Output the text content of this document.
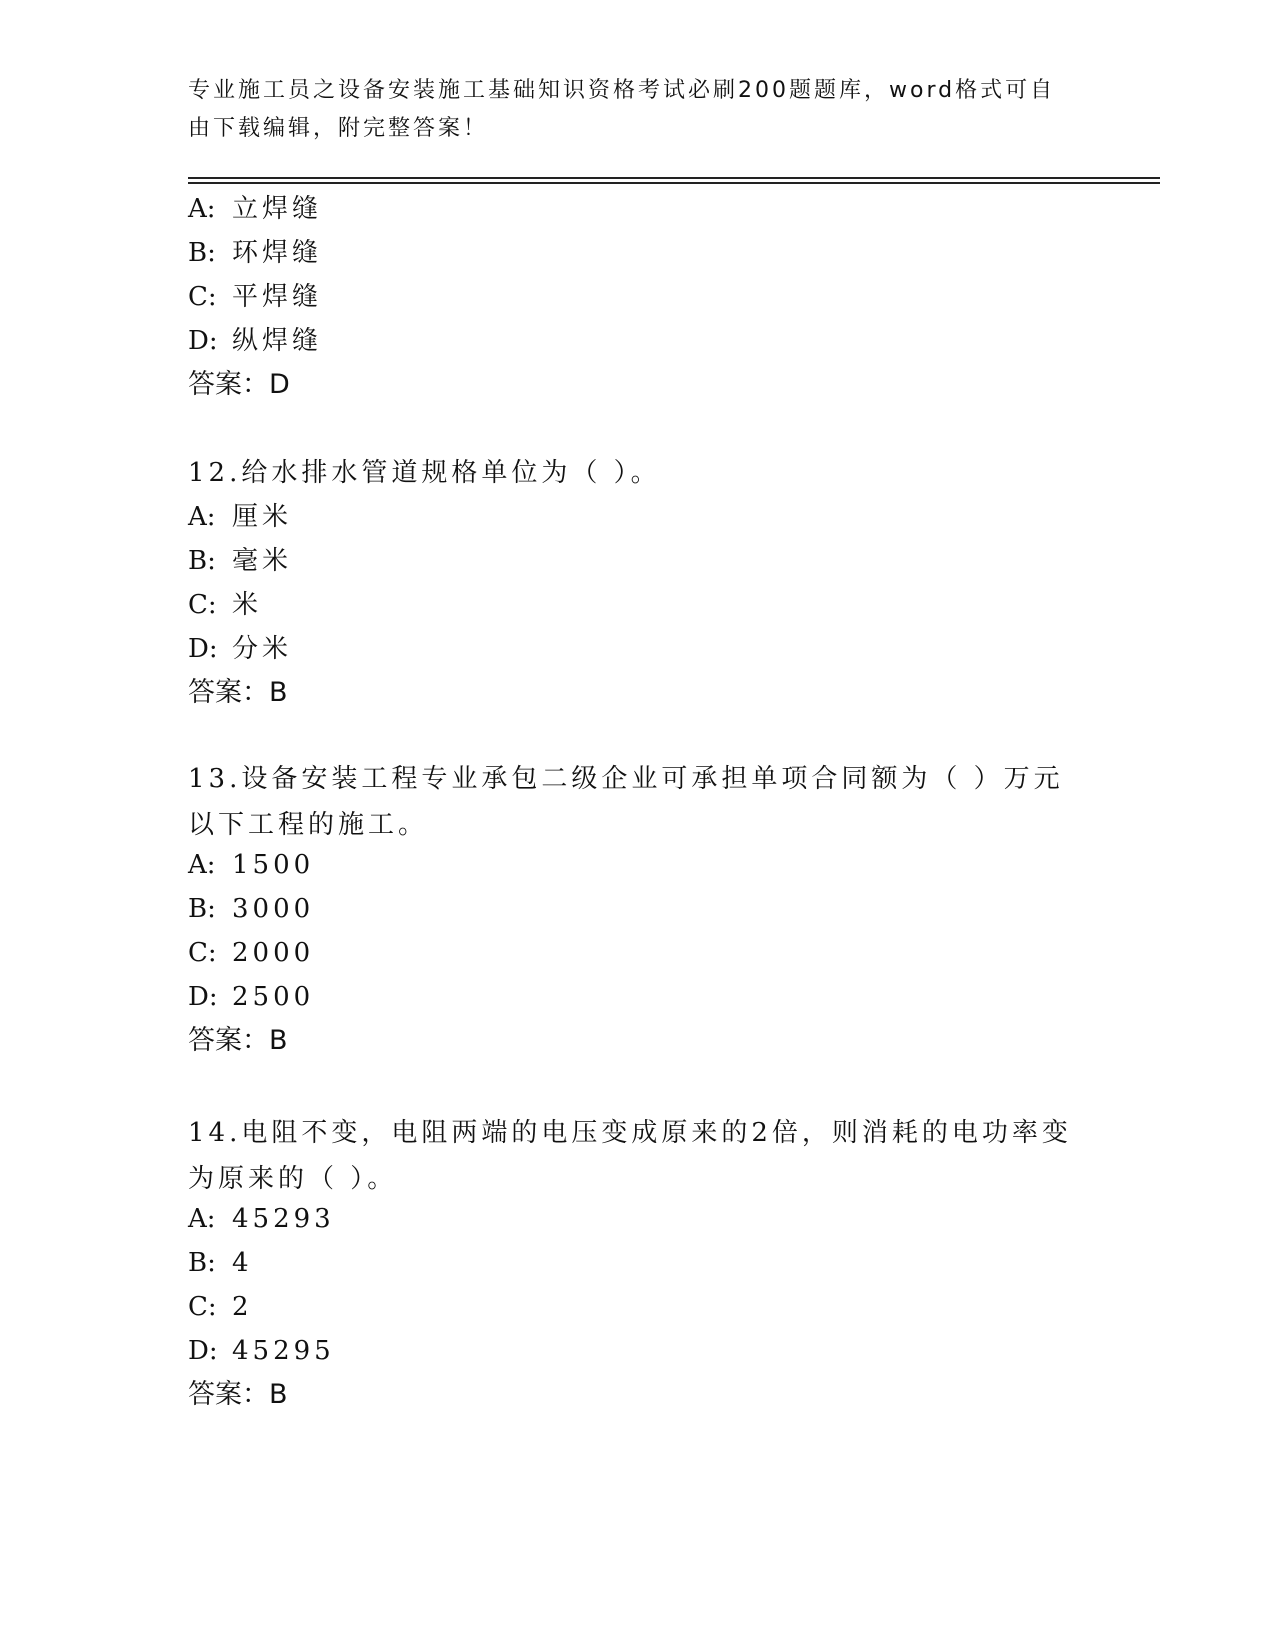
专业施工员之设备安装施工基础知识资格考试必刷200题题库，word格式可自由下载编辑，附完整答案！
A: 立焊缝
B: 环焊缝
C: 平焊缝
D: 纵焊缝
答案：D
12.给水排水管道规格单位为（ ）。
A: 厘米
B: 毫米
C: 米
D: 分米
答案：B
13.设备安装工程专业承包二级企业可承担单项合同额为（ ）万元以下工程的施工。
A: 1500
B: 3000
C: 2000
D: 2500
答案：B
14.电阻不变，电阻两端的电压变成原来的2倍，则消耗的电功率变为原来的（ ）。
A: 45293
B: 4
C: 2
D: 45295
答案：B
